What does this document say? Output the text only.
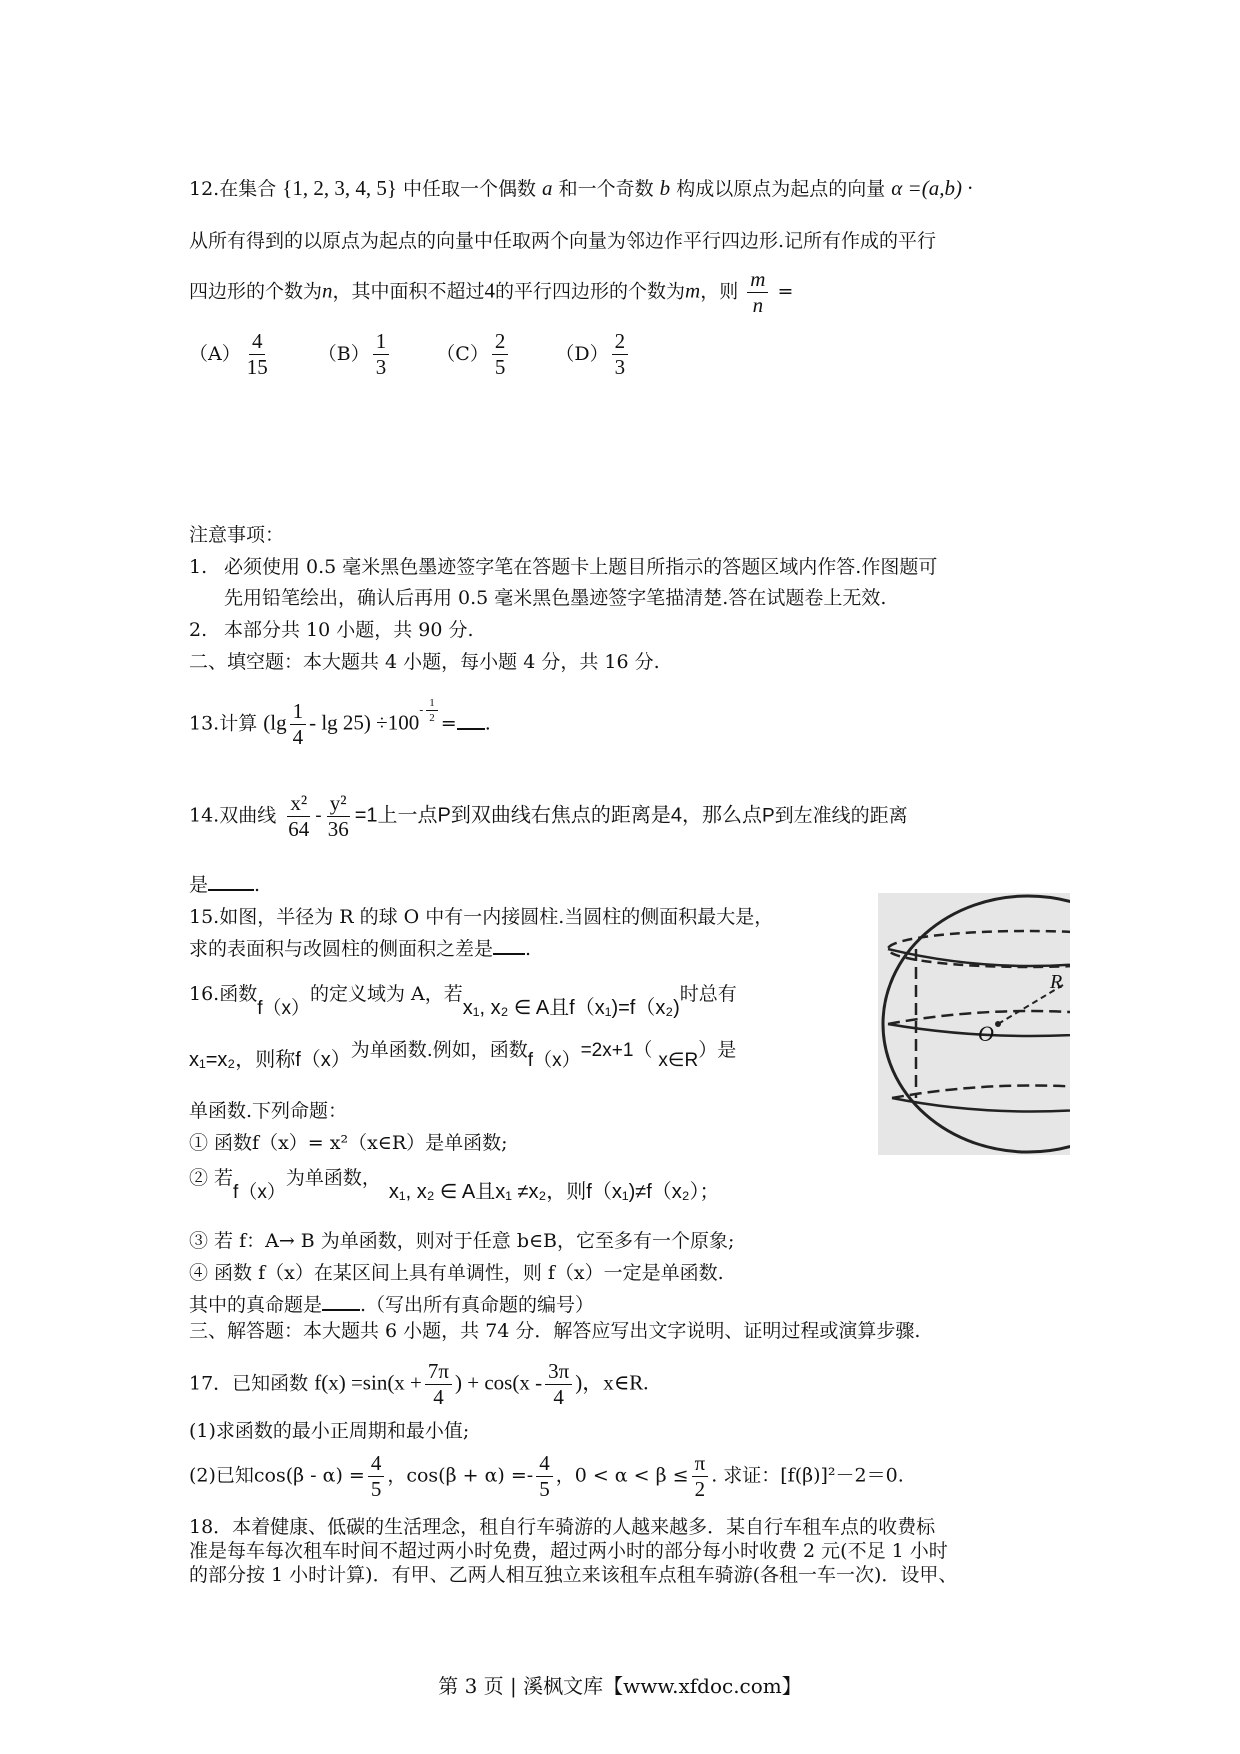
12.在集合 {1, 2, 3, 4, 5} 中任取一个偶数 a 和一个奇数 b 构成以原点为起点的向量 α =(a,b) ·
从所有得到的以原点为起点的向量中任取两个向量为邻边作平行四边形.记所有作成的平行
四边形的个数为n，其中面积不超过4的平行四边形的个数为m，则 $\frac{m}{n}$ =
$(A) \frac{4}{15} (B) \frac{1}{3} (C) \frac{2}{5} (D) \frac{2}{3}$
注意事项：
1. 必须使用 0.5 毫米黑色墨迹签字笔在答题卡上题目所指示的答题区域内作答.作图题可
先用铅笔绘出，确认后再用 0.5 毫米黑色墨迹签字笔描清楚.答在试题卷上无效.
2. 本部分共 10 小题，共 90 分.
二、填空题：本大题共 4 小题，每小题 4 分，共 16 分.
13.计算 $(\lg \frac{1}{4} - \lg 25) \div 100^{- \frac{1}{2}}$ = .
14.双曲线 $\frac{\text{x²}}{64} - \frac{\text{y²}}{36} =1$上一点P到双曲线右焦点的距离是4，那么点P到左准线的距离
是 .
15.如图，半径为 R 的球 O 中有一内接圆柱.当圆柱的侧面积最大是，
求的表面积与改圆柱的侧面积之差是 .
R
O
16.函数f（x）的定义域为 A，若x₁, x₂ ∈ A且f（x₁)=f（x₂)时总有
x₁=x₂，则称f（x）为单函数.例如，函数f（x）=2x+1（ x∈R）是
单函数.下列命题：
① 函数f（x）= x²（x∈R）是单函数;
② 若f（x）为单函数，x₁, x₂ ∈ A且x₁ ≠x₂，则f（x₁)≠f（x₂）；
③ 若 f：A→ B 为单函数，则对于任意 b∈B，它至多有一个原象;
④ 函数 f（x）在某区间上具有单调性，则 f（x）一定是单函数.
其中的真命题是 .（写出所有真命题的编号）
三、解答题：本大题共 6 小题，共 74 分．解答应写出文字说明、证明过程或演算步骤.
17．已知函数 $f(x) =\sin(x + \frac{7\pi}{4}$ ) + $\cos(x - \frac{3\pi}{4}$ )，x∈R.
(1)求函数的最小正周期和最小值;
(2)已知$\cos(\beta - \alpha) = \frac{4}{5}$ ，$\cos(\beta + \alpha) =- \frac{4}{5}$ ，$0 < \alpha < \beta \le \frac{\pi}{2}$ . 求证：[f(β)]²－2＝0.
18．本着健康、低碳的生活理念，租自行车骑游的人越来越多．某自行车租车点的收费标
准是每车每次租车时间不超过两小时免费，超过两小时的部分每小时收费 2 元(不足 1 小时
的部分按 1 小时计算)．有甲、乙两人相互独立来该租车点租车骑游(各租一车一次)．设甲、
第 3 页 | 溪枫文库【www.xfdoc.com】
